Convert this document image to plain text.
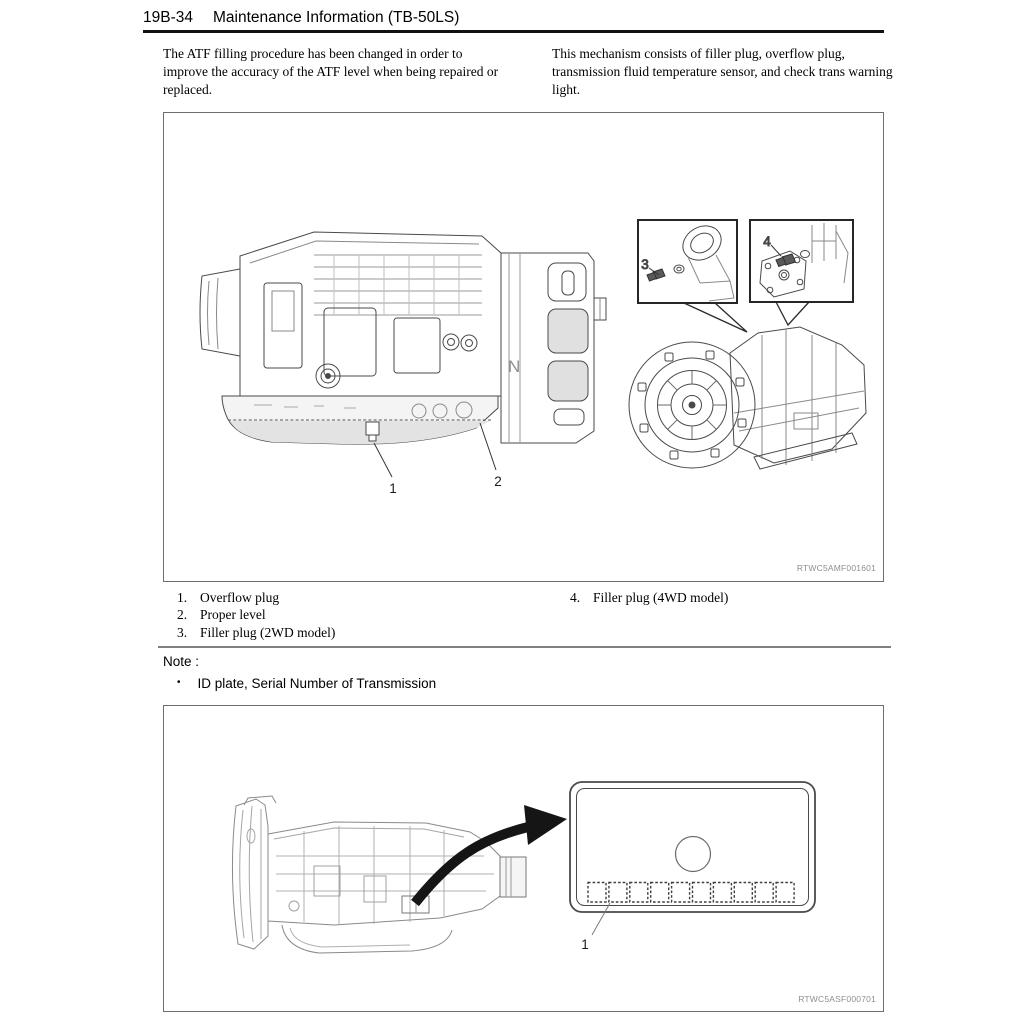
19B-34 Maintenance Information (TB-50LS)
The ATF filling procedure has been changed in order to improve the accuracy of the ATF level when being repaired or replaced.
This mechanism consists of filler plug, overflow plug, transmission fluid temperature sensor, and check trans warning light.
N
1	2
3
4
RTWC5AMF001601
1. Overflow plug
2. Proper level
3. Filler plug (2WD model)
4. Filler plug (4WD model)
Note :
• ID plate, Serial Number of Transmission
1
RTWC5ASF000701
